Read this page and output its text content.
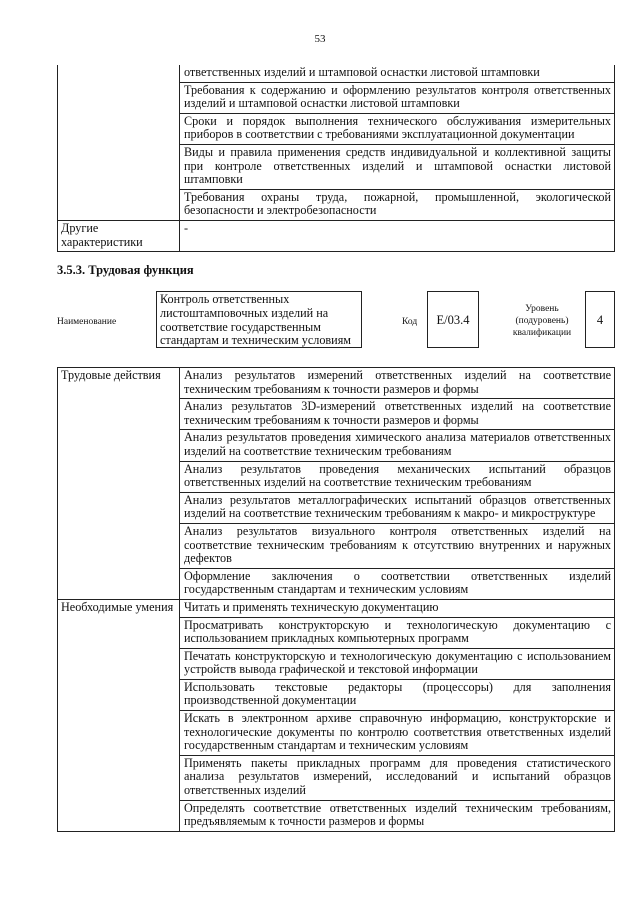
53
	ответственных изделий и штамповой оснастки листовой штамповки
	Требования к содержанию и оформлению результатов контроля ответственных изделий и штамповой оснастки листовой штамповки
	Сроки и порядок выполнения технического обслуживания измерительных приборов в соответствии с требованиями эксплуатационной документации
	Виды и правила применения средств индивидуальной и коллективной защиты при контроле ответственных изделий и штамповой оснастки листовой штамповки
	Требования охраны труда, пожарной, промышленной, экологической безопасности и электробезопасности
Другие характеристики	-
3.5.3. Трудовая функция
Наименование
Контроль ответственных листоштамповочных изделий на соответствие государственным стандартам и техническим условиям
Код	E/03.4
Уровень (подуровень) квалификации
4
Трудовые действия	Анализ результатов измерений ответственных изделий на соответствие техническим требованиям к точности размеров и формы
	Анализ результатов 3D-измерений ответственных изделий на соответствие техническим требованиям к точности размеров и формы
	Анализ результатов проведения химического анализа материалов ответственных изделий на соответствие техническим требованиям
	Анализ результатов проведения механических испытаний образцов ответственных изделий на соответствие техническим требованиям
	Анализ результатов металлографических испытаний образцов ответственных изделий на соответствие техническим требованиям к макро- и микроструктуре
	Анализ результатов визуального контроля ответственных изделий на соответствие техническим требованиям к отсутствию внутренних и наружных дефектов
	Оформление заключения о соответствии ответственных изделий государственным стандартам и техническим условиям
Необходимые умения	Читать и применять техническую документацию
	Просматривать конструкторскую и технологическую документацию с использованием прикладных компьютерных программ
	Печатать конструкторскую и технологическую документацию с использованием устройств вывода графической и текстовой информации
	Использовать текстовые редакторы (процессоры) для заполнения производственной документации
	Искать в электронном архиве справочную информацию, конструкторские и технологические документы по контролю соответствия ответственных изделий государственным стандартам и техническим условиям
	Применять пакеты прикладных программ для проведения статистического анализа результатов измерений, исследований и испытаний образцов ответственных изделий
	Определять соответствие ответственных изделий техническим требованиям, предъявляемым к точности размеров и формы
